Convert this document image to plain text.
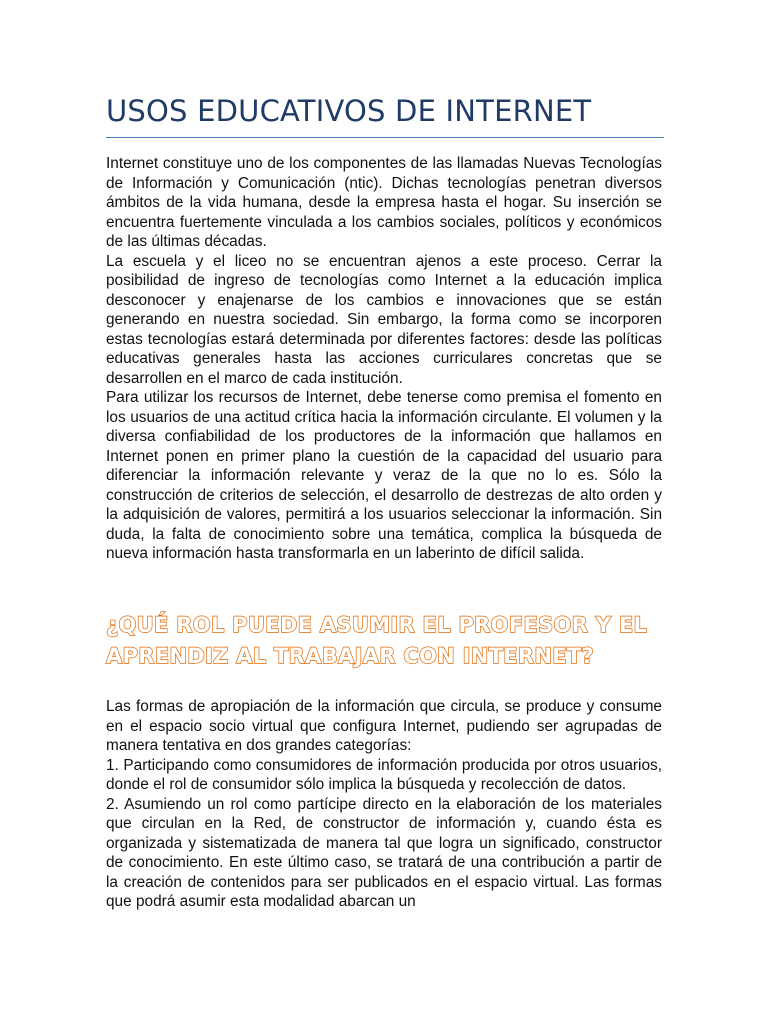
USOS EDUCATIVOS DE INTERNET

Internet constituye uno de los componentes de las llamadas Nuevas Tecnologías de Información y Comunicación (ntic). Dichas tecnologías penetran diversos ámbitos de la vida humana, desde la empresa hasta el hogar. Su inserción se encuentra fuertemente vinculada a los cambios sociales, políticos y económicos de las últimas décadas.

La escuela y el liceo no se encuentran ajenos a este proceso. Cerrar la posibilidad de ingreso de tecnologías como Internet a la educación implica desconocer y enajenarse de los cambios e innovaciones que se están generando en nuestra sociedad. Sin embargo, la forma como se incorporen estas tecnologías estará determinada por diferentes factores: desde las políticas educativas generales hasta las acciones curriculares concretas que se desarrollen en el marco de cada institución.

Para utilizar los recursos de Internet, debe tenerse como premisa el fomento en los usuarios de una actitud crítica hacia la información circulante. El volumen y la diversa confiabilidad de los productores de la información que hallamos en Internet ponen en primer plano la cuestión de la capacidad del usuario para diferenciar la información relevante y veraz de la que no lo es. Sólo la construcción de criterios de selección, el desarrollo de destrezas de alto orden y la adquisición de valores, permitirá a los usuarios seleccionar la información. Sin duda, la falta de conocimiento sobre una temática, complica la búsqueda de nueva información hasta transformarla en un laberinto de difícil salida.

¿QUÉ ROL PUEDE ASUMIR EL PROFESOR Y EL APRENDIZ AL TRABAJAR CON INTERNET?

Las formas de apropiación de la información que circula, se produce y consume en el espacio socio virtual que configura Internet, pudiendo ser agrupadas de manera tentativa en dos grandes categorías:

1. Participando como consumidores de información producida por otros usuarios, donde el rol de consumidor sólo implica la búsqueda y recolección de datos.

2. Asumiendo un rol como partícipe directo en la elaboración de los materiales que circulan en la Red, de constructor de información y, cuando ésta es organizada y sistematizada de manera tal que logra un significado, constructor de conocimiento. En este último caso, se tratará de una contribución a partir de la creación de contenidos para ser publicados en el espacio virtual. Las formas que podrá asumir esta modalidad abarcan un
